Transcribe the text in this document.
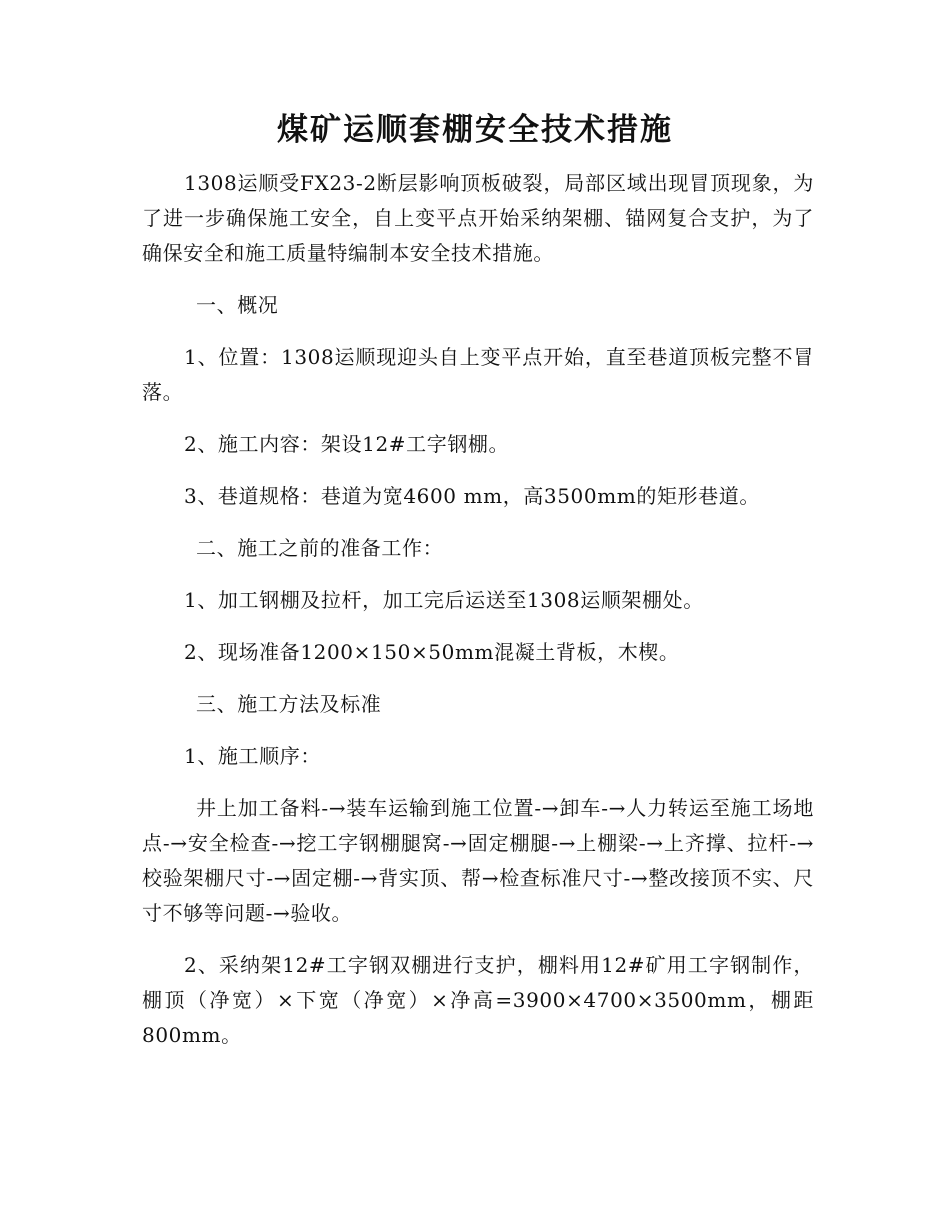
煤矿运顺套棚安全技术措施

1308运顺受FX23-2断层影响顶板破裂，局部区域出现冒顶现象，为了进一步确保施工安全，自上变平点开始采纳架棚、锚网复合支护，为了确保安全和施工质量特编制本安全技术措施。

一、概况

1、位置：1308运顺现迎头自上变平点开始，直至巷道顶板完整不冒落。

2、施工内容：架设12#工字钢棚。

3、巷道规格：巷道为宽4600 mm，高3500mm的矩形巷道。

二、施工之前的准备工作：

1、加工钢棚及拉杆，加工完后运送至1308运顺架棚处。

2、现场准备1200×150×50mm混凝土背板，木楔。

三、施工方法及标准

1、施工顺序：

井上加工备料-→装车运输到施工位置-→卸车-→人力转运至施工场地点-→安全检查-→挖工字钢棚腿窝-→固定棚腿-→上棚梁-→上齐撑、拉杆-→校验架棚尺寸-→固定棚-→背实顶、帮→检查标准尺寸-→整改接顶不实、尺寸不够等问题-→验收。

2、采纳架12#工字钢双棚进行支护，棚料用12#矿用工字钢制作，棚顶（净宽）×下宽（净宽）×净高=3900×4700×3500mm，棚距800mm。
